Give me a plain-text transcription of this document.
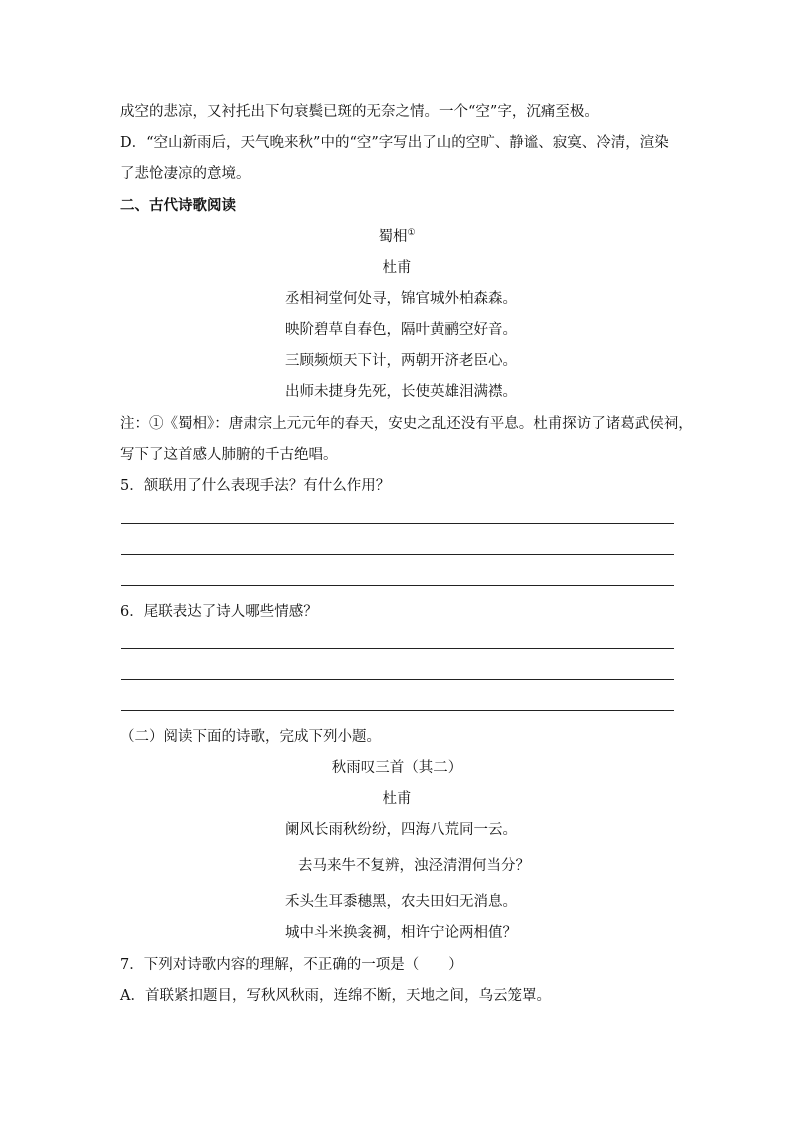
成空的悲凉，又衬托出下句衰鬓已斑的无奈之情。一个“空”字，沉痛至极。
D．“空山新雨后，天气晚来秋”中的“空”字写出了山的空旷、静谧、寂寞、冷清，渲染
了悲怆凄凉的意境。
二、古代诗歌阅读
蜀相①
杜甫
丞相祠堂何处寻，锦官城外柏森森。
映阶碧草自春色，隔叶黄鹂空好音。
三顾频烦天下计，两朝开济老臣心。
出师未捷身先死，长使英雄泪满襟。
注：①《蜀相》：唐肃宗上元元年的春天，安史之乱还没有平息。杜甫探访了诸葛武侯祠，
写下了这首感人肺腑的千古绝唱。
5．颔联用了什么表现手法？有什么作用？
6．尾联表达了诗人哪些情感？
（二）阅读下面的诗歌，完成下列小题。
秋雨叹三首（其二）
杜甫
阑风长雨秋纷纷，四海八荒同一云。
去马来牛不复辨，浊泾清渭何当分？
禾头生耳黍穗黑，农夫田妇无消息。
城中斗米换衾裯，相许宁论两相值？
7．下列对诗歌内容的理解，不正确的一项是（　　）
A．首联紧扣题目，写秋风秋雨，连绵不断，天地之间，乌云笼罩。
